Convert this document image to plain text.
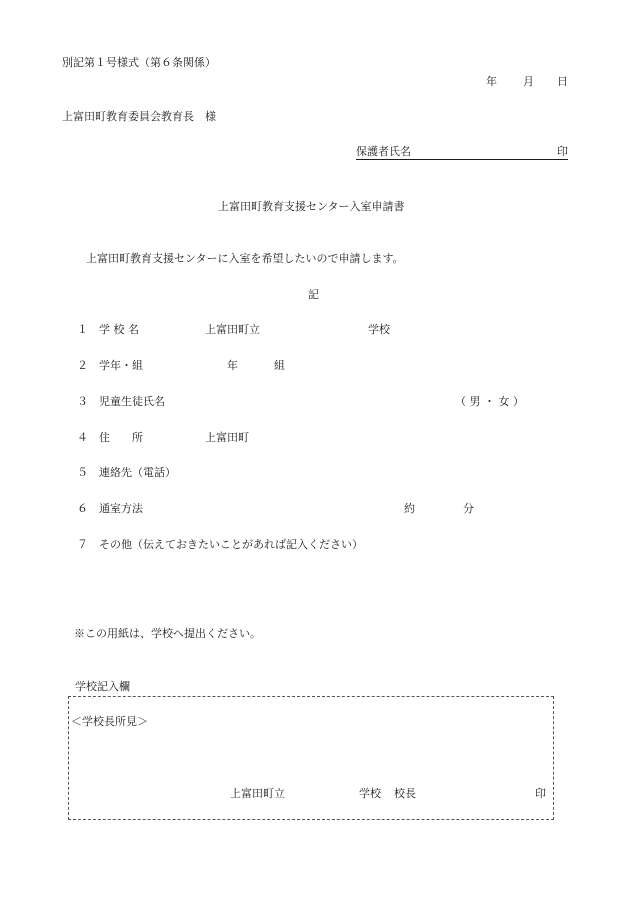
別記第１号様式（第６条関係）
年 月 日
上富田町教育委員会教育長　様
保護者氏名	印
上富田町教育支援センター入室申請書
上富田町教育支援センターに入室を希望したいので申請します。
記
１ 学 校 名	上富田町立	学校
２ 学年・組	年	組
３ 児童生徒氏名	（ 男 ・ 女 ）
４ 住　　所	上富田町
５ 連絡先（電話）
６ 通室方法	約	分
７ その他（伝えておきたいことがあれば記入ください）
※この用紙は、学校へ提出ください。
学校記入欄
＜学校長所見＞
上富田町立	学校 校長	印
